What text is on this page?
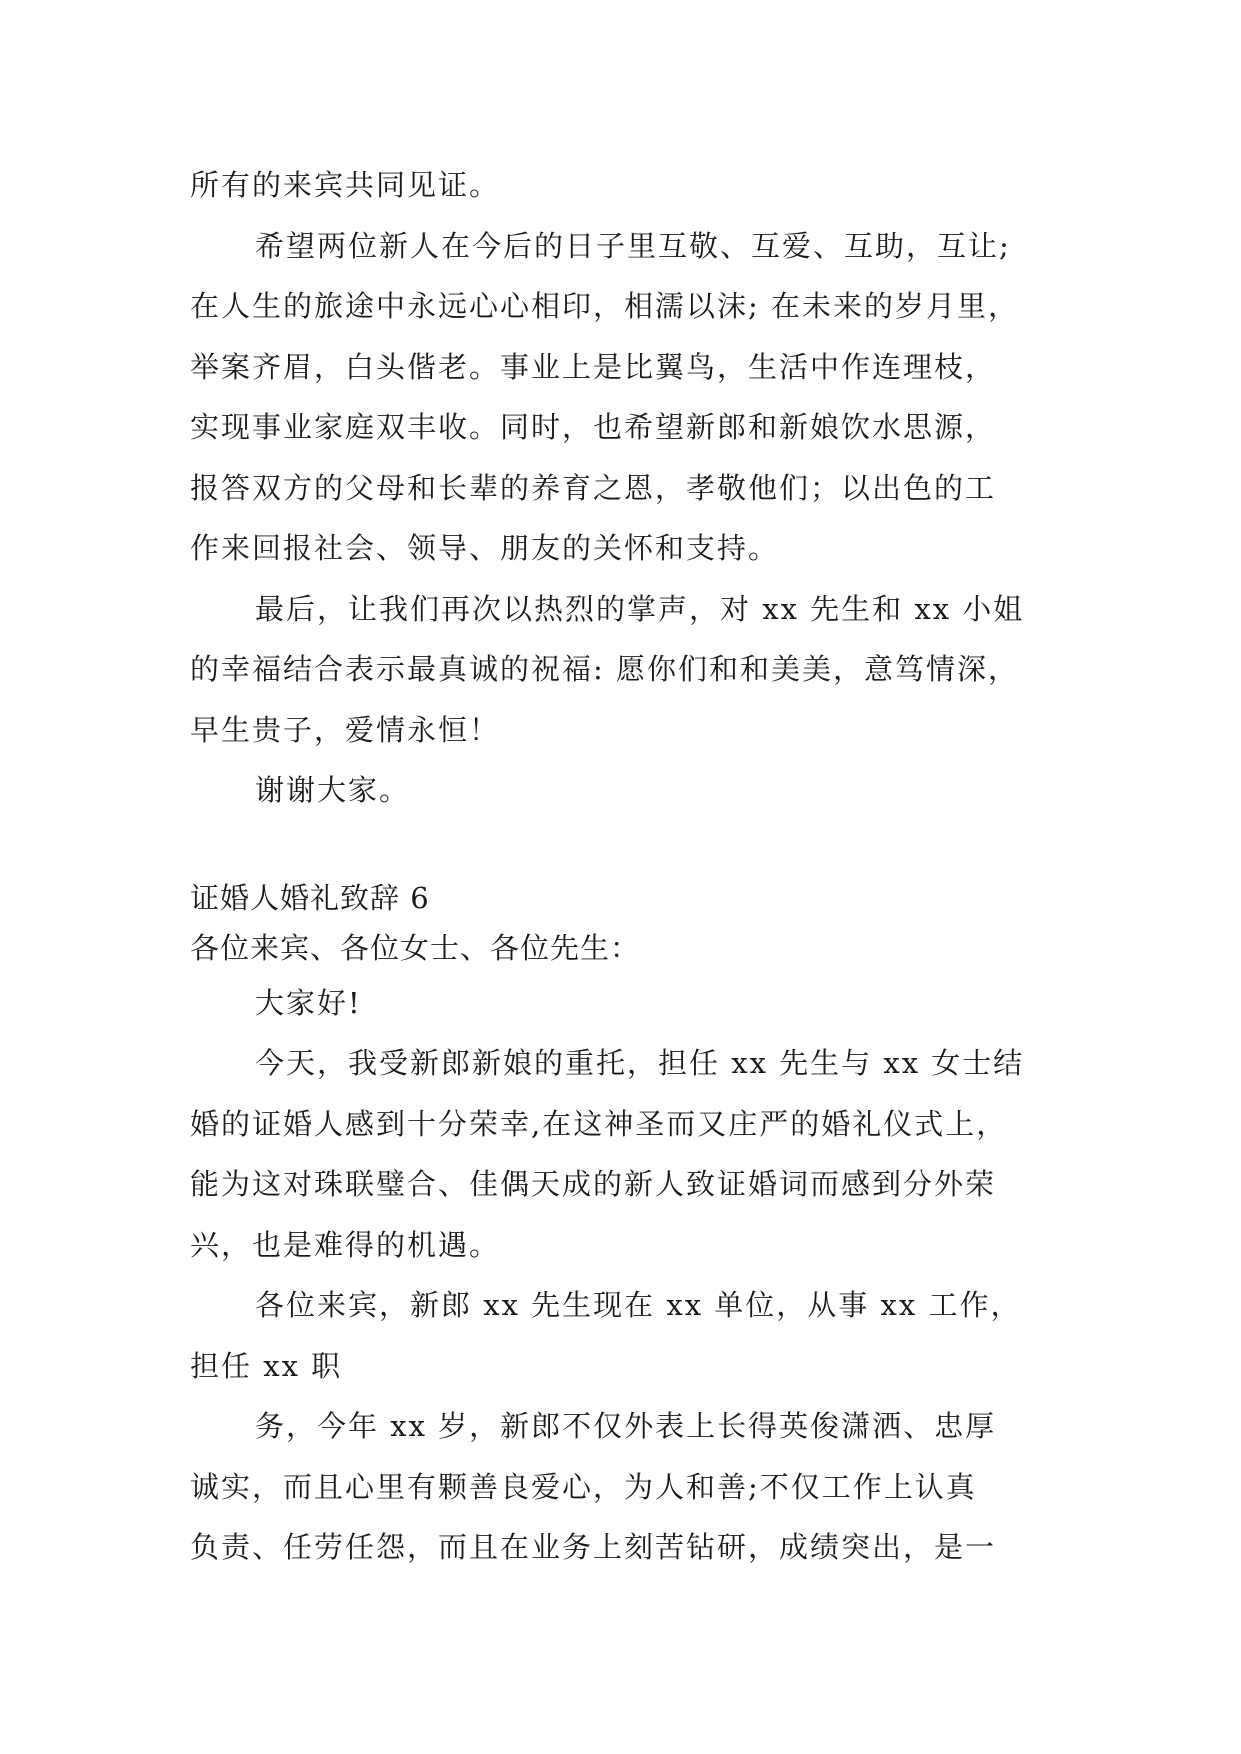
所有的来宾共同见证。
希望两位新人在今后的日子里互敬、互爱、互助，互让;
在人生的旅途中永远心心相印，相濡以沫; 在未来的岁月里，
举案齐眉，白头偕老。事业上是比翼鸟，生活中作连理枝，
实现事业家庭双丰收。同时，也希望新郎和新娘饮水思源，
报答双方的父母和长辈的养育之恩，孝敬他们；以出色的工
作来回报社会、领导、朋友的关怀和支持。
最后，让我们再次以热烈的掌声，对 xx 先生和 xx 小姐
的幸福结合表示最真诚的祝福: 愿你们和和美美，意笃情深，
早生贵子，爱情永恒！
谢谢大家。
证婚人婚礼致辞 6
各位来宾、各位女士、各位先生：
大家好!
今天，我受新郎新娘的重托，担任 xx 先生与 xx 女士结
婚的证婚人感到十分荣幸,在这神圣而又庄严的婚礼仪式上，
能为这对珠联璧合、佳偶天成的新人致证婚词而感到分外荣
兴，也是难得的机遇。
各位来宾，新郎 xx 先生现在 xx 单位，从事 xx 工作，
担任 xx 职
务，今年 xx 岁，新郎不仅外表上长得英俊潇洒、忠厚
诚实，而且心里有颗善良爱心，为人和善;不仅工作上认真
负责、任劳任怨，而且在业务上刻苦钻研，成绩突出，是一
